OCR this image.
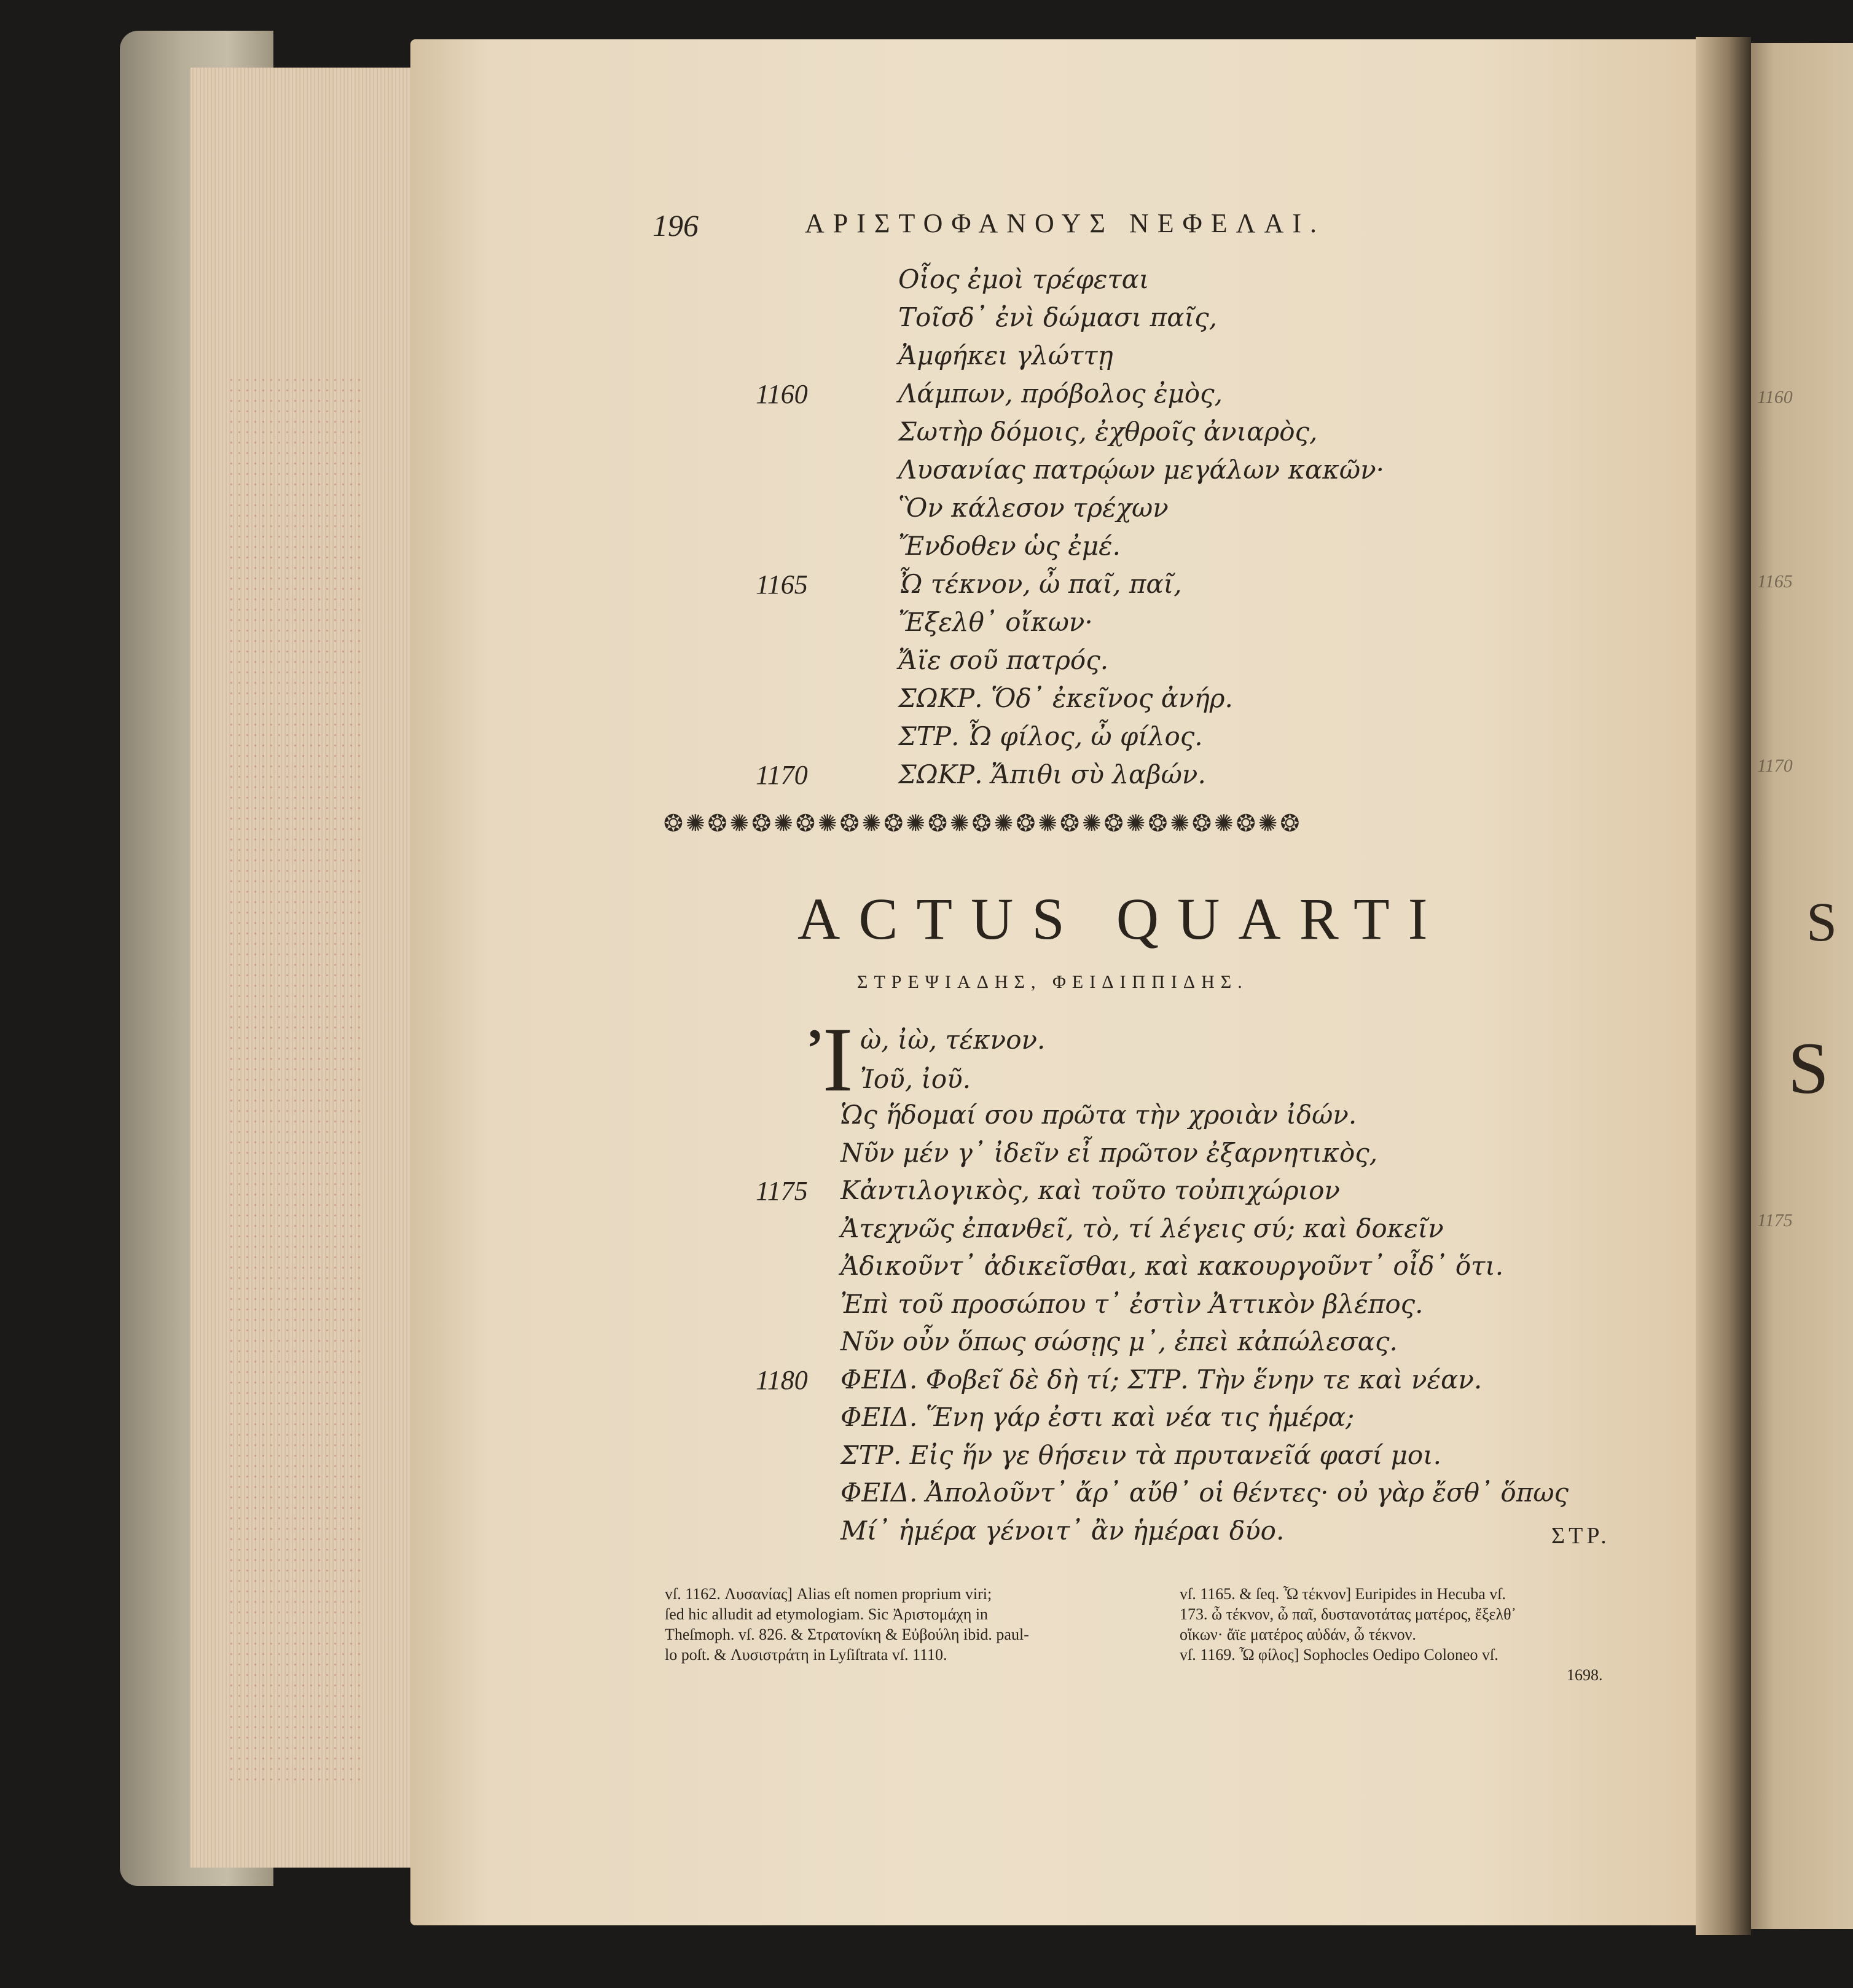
1160
1165
1170
1175
S
S
196	ΑΡΙΣΤΟΦΑΝΟΥΣ ΝΕΦΕΛΑΙ.
Οἷος ἐμοὶ τρέφεται
Τοῖσδ᾽ ἐνὶ δώμασι παῖς,
Ἀμφήκει γλώττῃ
1160	Λάμπων, πρόβολος ἐμὸς,
Σωτὴρ δόμοις, ἐχθροῖς ἀνιαρὸς,
Λυσανίας πατρῴων μεγάλων κακῶν·
Ὃν κάλεσον τρέχων
Ἔνδοθεν ὡς ἐμέ.
1165	Ὦ τέκνον, ὦ παῖ, παῖ,
Ἔξελθ᾽ οἴκων·
Ἄϊε σοῦ πατρός.
ΣΩΚΡ. Ὅδ᾽ ἐκεῖνος ἀνήρ.
ΣΤΡ. Ὦ φίλος, ὦ φίλος.
1170	ΣΩΚΡ. Ἄπιθι σὺ λαβών.
❂✺❂✺❂✺❂✺❂✺❂✺❂✺❂✺❂✺❂✺❂✺❂✺❂✺❂✺❂
ACTUS QUARTI
ΣΤΡΕΨΙΑΔΗΣ, ΦΕΙΔΙΠΠΙΔΗΣ.
Ἰ ὼ, ἰὼ, τέκνον.
Ἰοῦ, ἰοῦ.
Ὡς ἥδομαί σου πρῶτα τὴν χροιὰν ἰδών.
Νῦν μέν γ᾽ ἰδεῖν εἶ πρῶτον ἐξαρνητικὸς,
1175 Κἀντιλογικὸς, καὶ τοῦτο τοὐπιχώριον
Ἀτεχνῶς ἐπανθεῖ, τὸ, τί λέγεις σύ; καὶ δοκεῖν
Ἀδικοῦντ᾽ ἀδικεῖσθαι, καὶ κακουργοῦντ᾽ οἶδ᾽ ὅτι.
Ἐπὶ τοῦ προσώπου τ᾽ ἐστὶν Ἀττικὸν βλέπος.
Νῦν οὖν ὅπως σώσῃς μ᾽, ἐπεὶ κἀπώλεσας.
1180 ΦΕΙΔ. Φοβεῖ δὲ δὴ τί; ΣΤΡ. Τὴν ἕνην τε καὶ νέαν.
ΦΕΙΔ. Ἕνη γάρ ἐστι καὶ νέα τις ἡμέρα;
ΣΤΡ. Εἰς ἥν γε θήσειν τὰ πρυτανεῖά φασί μοι.
ΦΕΙΔ. Ἀπολοῦντ᾽ ἄρ᾽ αὔθ᾽ οἱ θέντες· οὐ γὰρ ἔσθ᾽ ὅπως
Μί᾽ ἡμέρα γένοιτ᾽ ἂν ἡμέραι δύο.	ΣΤΡ.
vſ. 1162. Λυσανίας] Alias eſt nomen proprium viri;
ſed hic alludit ad etymologiam. Sic Ἀριστομάχη in
Theſmoph. vſ. 826. & Στρατονίκη & Εὐβούλη ibid. paul-
lo poſt. & Λυσιστράτη in Lyſiſtrata vſ. 1110.
vſ. 1165. & ſeq. Ὦ τέκνον] Euripides in Hecuba vſ.
173. ὦ τέκνον, ὦ παῖ, δυστανοτάτας ματέρος, ἔξελθ᾽
οἴκων· ἄϊε ματέρος αὐδάν, ὦ τέκνον.
vſ. 1169. Ὦ φίλος] Sophocles Oedipo Coloneo vſ.
1698.
